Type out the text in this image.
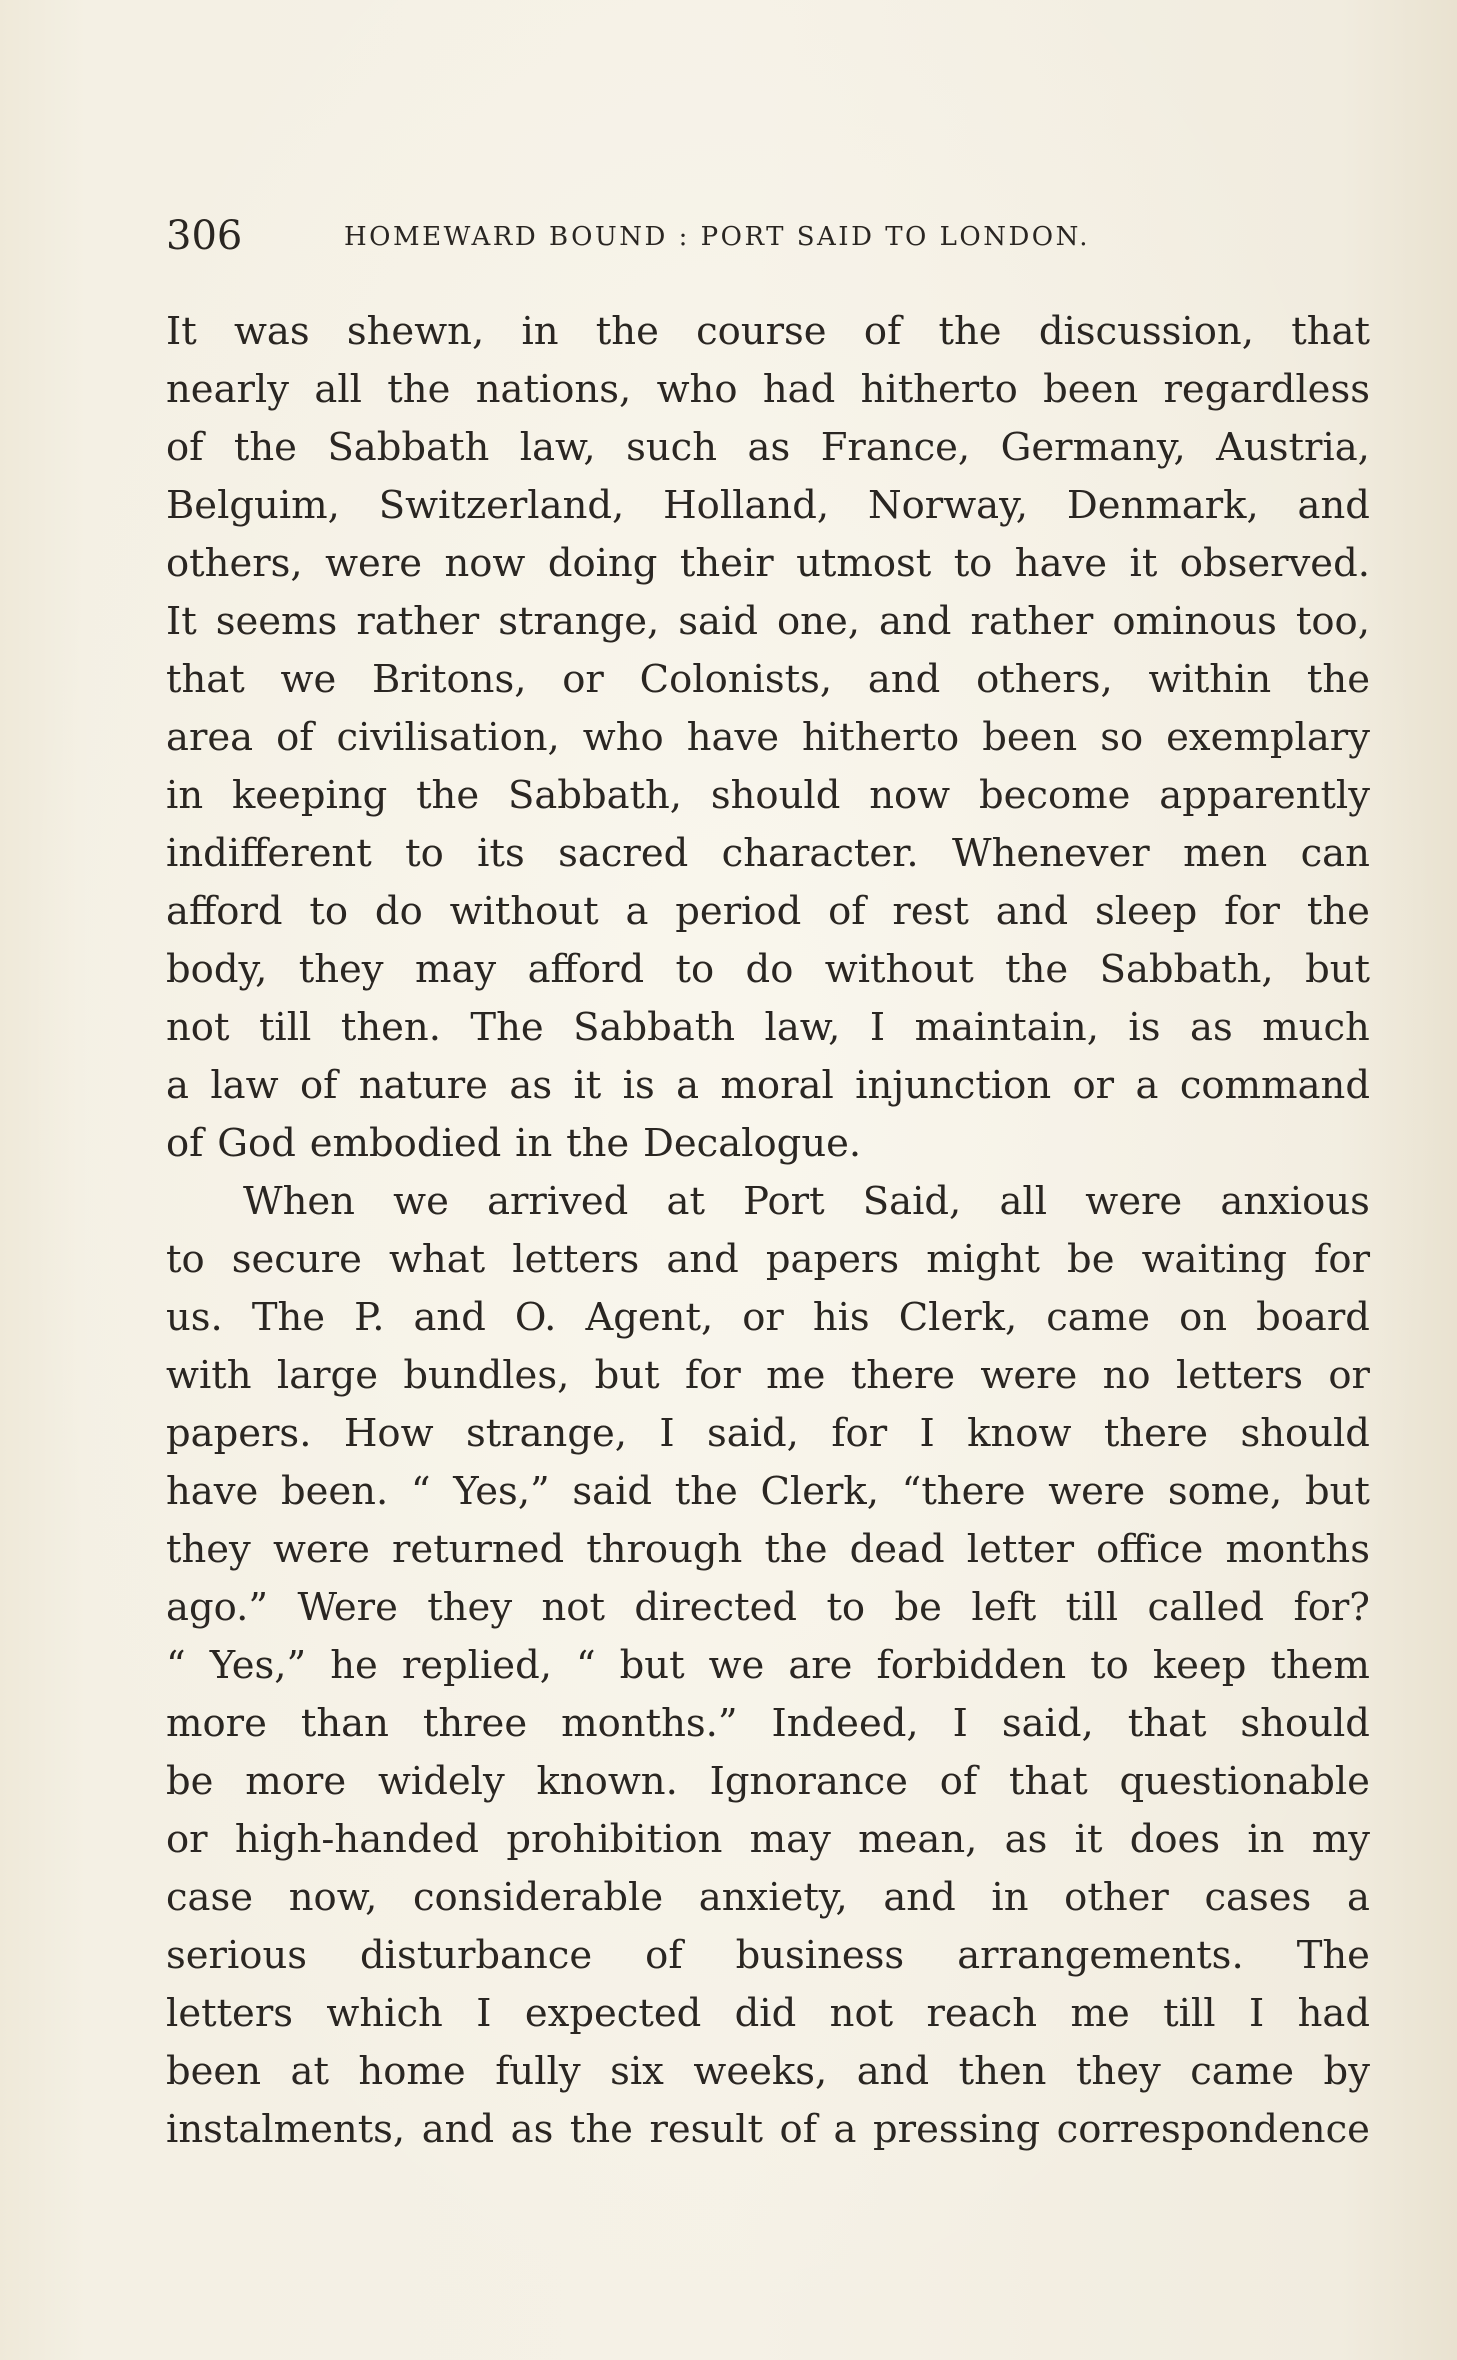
306	HOMEWARD BOUND : PORT SAID TO LONDON.
It was shewn, in the course of the discussion, that
nearly all the nations, who had hitherto been regardless
of the Sabbath law, such as France, Germany, Austria,
Belguim, Switzerland, Holland, Norway, Denmark, and
others, were now doing their utmost to have it observed.
It seems rather strange, said one, and rather ominous too,
that we Britons, or Colonists, and others, within the
area of civilisation, who have hitherto been so exemplary
in keeping the Sabbath, should now become apparently
indifferent to its sacred character. Whenever men can
afford to do without a period of rest and sleep for the
body, they may afford to do without the Sabbath, but
not till then. The Sabbath law, I maintain, is as much
a law of nature as it is a moral injunction or a command
of God embodied in the Decalogue.
When we arrived at Port Said, all were anxious
to secure what letters and papers might be waiting for
us. The P. and O. Agent, or his Clerk, came on board
with large bundles, but for me there were no letters or
papers. How strange, I said, for I know there should
have been. “ Yes,” said the Clerk, “there were some, but
they were returned through the dead letter office months
ago.” Were they not directed to be left till called for?
“ Yes,” he replied, “ but we are forbidden to keep them
more than three months.” Indeed, I said, that should
be more widely known. Ignorance of that questionable
or high-handed prohibition may mean, as it does in my
case now, considerable anxiety, and in other cases a
serious disturbance of business arrangements. The
letters which I expected did not reach me till I had
been at home fully six weeks, and then they came by
instalments, and as the result of a pressing correspondence
